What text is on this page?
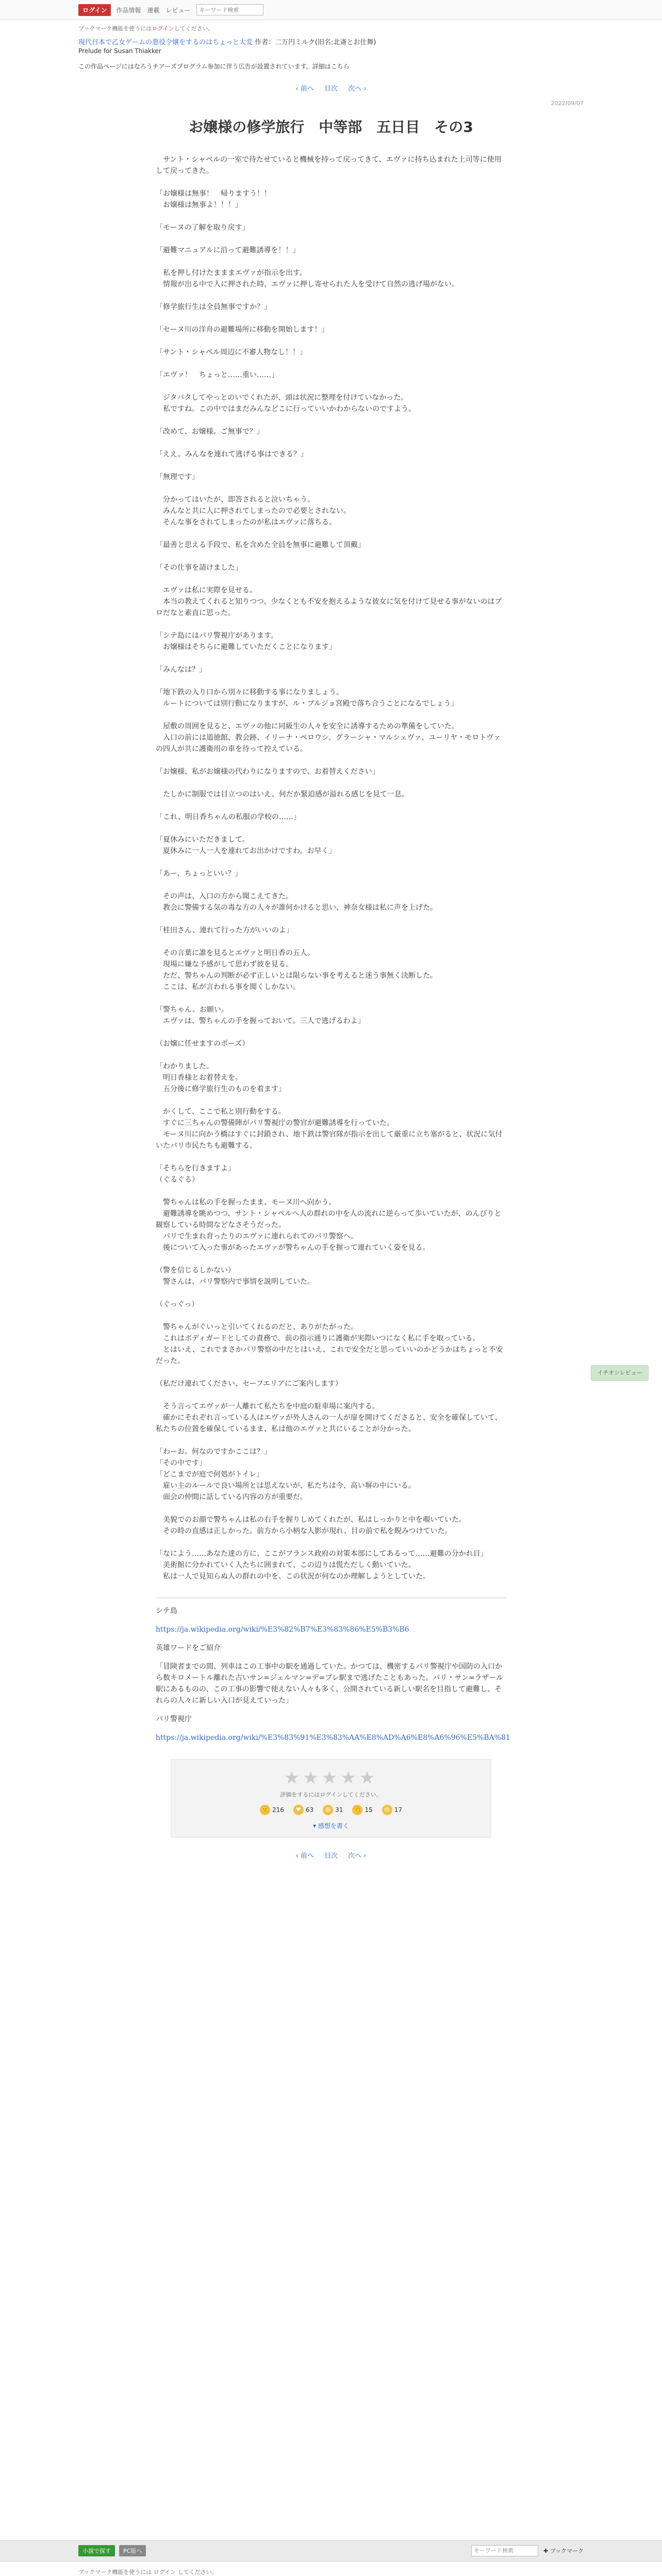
ログイン	作品情報 連載 レビュー
キーワード検索
ブックマーク機能を使うにはログインしてください。
現代日本で乙女ゲームの悪役令嬢をするのはちょっと大変 作者：二万円ミルク(旧名:北斎とお仕舞)
Prelude for Susan Thiakker
この作品ページにはなろうチアーズプログラム参加に伴う広告が設置されています。詳細はこちら
‹ 前へ 目次 次へ ›
2022/09/07
お嬢様の修学旅行　中等部　五日目　その3

　サント・シャペルの一室で待たせていると機械を持って戻ってきて、エヴァに持ち込まれた上司等に使用して戻ってきた。

「お嬢様は無事！　帰りますう！！
　お嬢様は無事よ！！！」

「モーヌの了解を取り戻す」

「避難マニュアルに沿って避難誘導を！！」

　私を押し付けたまままエヴァが指示を出す。
　情報が出る中で人に押された時、エヴァに押し寄せられた人を受けて自然の逃げ場がない。

「修学旅行生は全員無事ですか？」

「セーヌ川の洋舟の避難場所に移動を開始します！」

「サント・シャペル周辺に不審人物なし！！」

「エヴァ！　ちょっと……重い……」

　ジタバタしてやっとのいでくれたが、頭は状況に整理を付けていなかった。
　私ですね。この中ではまだみんなどこに行っていいかわからないのですよう。

「改めて、お嬢様。ご無事で？」

「ええ。みんなを連れて逃げる事はできる？」

「無理です」

　分かってはいたが、即答されると泣いちゃう。
　みんなと共に人に押されてしまったので必要とされない。
　そんな事をされてしまったのが私はエヴァに落ちる。

「最善と思える手段で、私を含めた全員を無事に避難して頂戴」

「その仕事を請けました」

　エヴァは私に実際を見せる。
　本当の教えてくれると知りつつ、少なくとも不安を抱えるような彼女に気を付けて見せる事がないのはプロだなと素直に思った。

「シテ島にはパリ警視庁があります。
　お嬢様はそちらに避難していただくことになります」

「みんなは？」

「地下鉄の入り口から別々に移動する事になりましょう。
　ルートについては別行動になりますが、ル・ブルジョ宮殿で落ち合うことになるでしょう」

　屋敷の周囲を見ると、エヴァの他に同級生の人々を安全に誘導するための準備をしていた。
　入口の前には道徳館、教会跡、イリーナ・ペロウシ、グラーシャ・マルシェヴァ、ユーリヤ・モロトヴァの四人が共に護衛用の車を待って控えている。

「お嬢様、私がお嬢様の代わりになりますので、お着替えください」

　たしかに制服では目立つのはいえ、何だか緊迫感が溢れる感じを見て一息。

「これ、明日香ちゃんの私服の学校の……」

「夏休みにいただきまして。
　夏休みに一人一人を連れてお出かけですわ。お早く」

「あー、ちょっといい？」

　その声は、入口の方から聞こえてきた。
　教会に警備する気の毒な方の人々が誰何かけると思い、神奈女様は私に声を上げた。

「桂田さん、連れて行った方がいいのよ」

　その言葉に誰を見るとエヴァと明日香の五人。
　現場に嫌な予感がして思わず彼を見る。
　ただ、警ちゃんの判断が必ず正しいとは限らない事を考えると迷う事無く決断した。
　ここは、私が言われる事を聞くしかない。

「警ちゃん。お願い。
　エヴァは、警ちゃんの手を握っておいて。三人で逃げるわよ」

（お嬢に任せますのポーズ）

「わかりました。
　明日香様とお着替えを。
　五分後に修学旅行生のものを着ます」

　かくして、ここで私と別行動をする。
　すぐに三ちゃんの警備陣がパリ警視庁の警官が避難誘導を行っていた。
　モーヌ川に向かう橋はすぐに封鎖され、地下鉄は警官隊が指示を出して厳重に立ち塞がると、状況に気付いたパリ市民たちも避難する。

「そちらを行きますよ」
（ぐるぐる）

　警ちゃんは私の手を握ったまま、モーヌ川へ向かう。
　避難誘導を眺めつつ、サント・シャペルへ人の群れの中を人の流れに逆らって歩いていたが、のんびりと観察している時間などなさそうだった。
　パリで生まれ育ったりのエヴァに連れられてのパリ警察へ。
　後について入った事があったエヴァが警ちゃんの手を握って連れていく姿を見る。

（警を信じるしかない）
　警さんは、パリ警察内で事情を説明していた。

（ぐっぐっ）

　警ちゃんがぐいっと引いてくれるのだと、ありがたがった。
　これはボディガードとしての責務で、前の指示通りに護衛が実際いつになく私に手を取っている。
　とはいえ、これでまさかパリ警察の中だとはいえ、これで安全だと思っていいのかどうかはちょっと不安だった。

（私だけ連れてください、セーフエリアにご案内します）

　そう言ってエヴァが一人離れて私たちを中庭の駐車場に案内する。
　確かにそれぞれ言っている人はエヴァが外人さんの一人が扉を開けてくださると、安全を確保していて、私たちの位置を確保しているまま、私は他のエヴァと共にいることが分かった。

「わーお。何なのですかここは？」
「その中です」
「どこまでが庭で何処がトイレ」
　雇い主のルールで良い場所とは思えないが、私たちは今、高い塀の中にいる。
　面会の仲間に話している内容の方が重要だ。

　美貌でのお顔で警ちゃんは私の右手を握りしめてくれたが、私はしっかりと中を覗いていた。
　その時の直感は正しかった。前方から小柄な人影が現れ、目の前で私を睨みつけていた。

「なによう……あなた達の方に、ここがフランス政府の対策本部にしてあるって……避難の分かれ目」
　美術館に分かれていく人たちに囲まれて、この辺りは慌ただしく動いていた。
　私は一人で見知らぬ人の群れの中を、この状況が何なのか理解しようとしていた。

シテ島

https://ja.wikipedia.org/wiki/%E3%82%B7%E3%83%86%E5%B3%B6

英雄ワードをご紹介

「冒険者までの間、列車はこの工事中の駅を通過していた。かつては、機密するパリ警視庁や国防の入口から数キロメートル離れた古いサン=ジェルマン=デ=プレ駅まで逃げたこともあった。パリ・サン=ラザール駅にあるものの、この工事の影響で使えない人々も多く、公開されている新しい駅名を目指して避難し、それらの人々に新しい入口が見えていった」

パリ警視庁

https://ja.wikipedia.org/wiki/%E3%83%91%E3%83%AA%E8%AD%A6%E8%A6%96%E5%BA%81
★★★★★
評価をするにはログインしてください。
🙂 216	♥ 63	😆 31 👏 15	😢 17
▾ 感想を書く
‹ 前へ 目次 次へ ›
イチオシレビュー
小説で探す	PC版へ	キーワード検索	✚ ブックマーク
ブックマーク機能を使うには ログイン してください。
